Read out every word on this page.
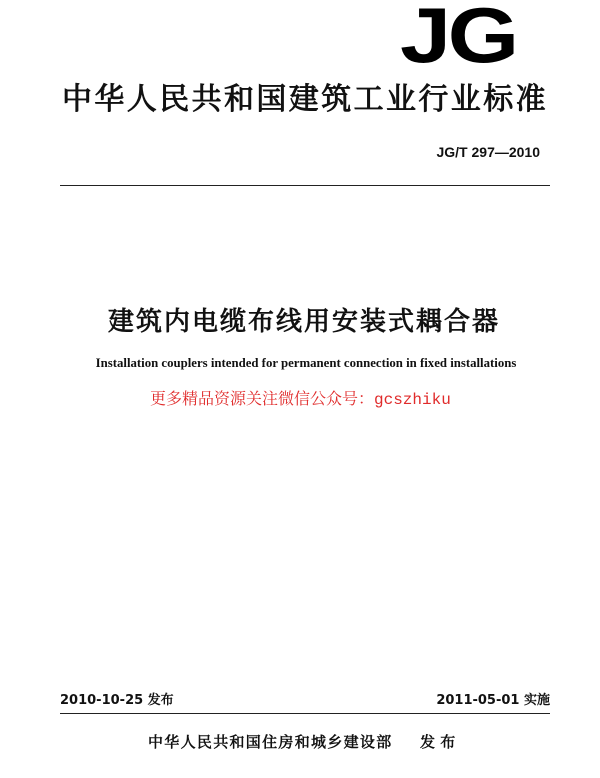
JG
中华人民共和国建筑工业行业标准
JG/T 297—2010
建筑内电缆布线用安装式耦合器
Installation couplers intended for permanent connection in fixed installations
更多精品资源关注微信公众号：gcszhiku
2010-10-25 发布	2011-05-01 实施
中华人民共和国住房和城乡建设部 发 布
